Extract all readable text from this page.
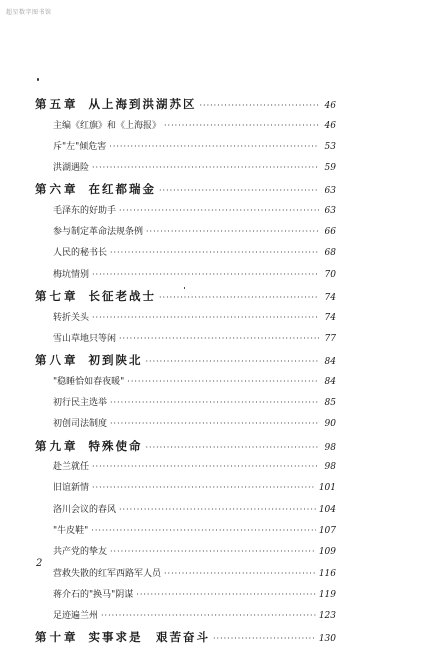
超星数字图书馆
第五章 从上海到洪湖苏区 ·····	46
主编《红旗》和《上海报》 ·····	46
斥"左"倾危害 ·····	53
洪湖遇险 ·····	59
第六章 在红都瑞金 ·····	63
毛泽东的好助手 ·····	63
参与制定革命法规条例 ·····	66
人民的秘书长 ·····	68
梅坑情别 ·····	70
第七章 长征老战士 ·····	74
转折关头 ·····	74
雪山草地只等闲 ·····	77
第八章 初到陕北 ·····	84
"稳睡恰如春夜暖" ·····	84
初行民主选举 ·····	85
初创司法制度 ·····	90
第九章 特殊使命 ·····	98
赴兰就任 ·····	98
旧谊新情 ·····	101
洛川会议的春风 ·····	104
"牛皮鞋" ·····	107
共产党的挚友 ·····	109
营救失散的红军西路军人员 ·····	116
蒋介石的"换马"阴谋 ·····	119
足迹遍兰州 ·····	123
第十章 实事求是　艰苦奋斗 ·····	130
2
